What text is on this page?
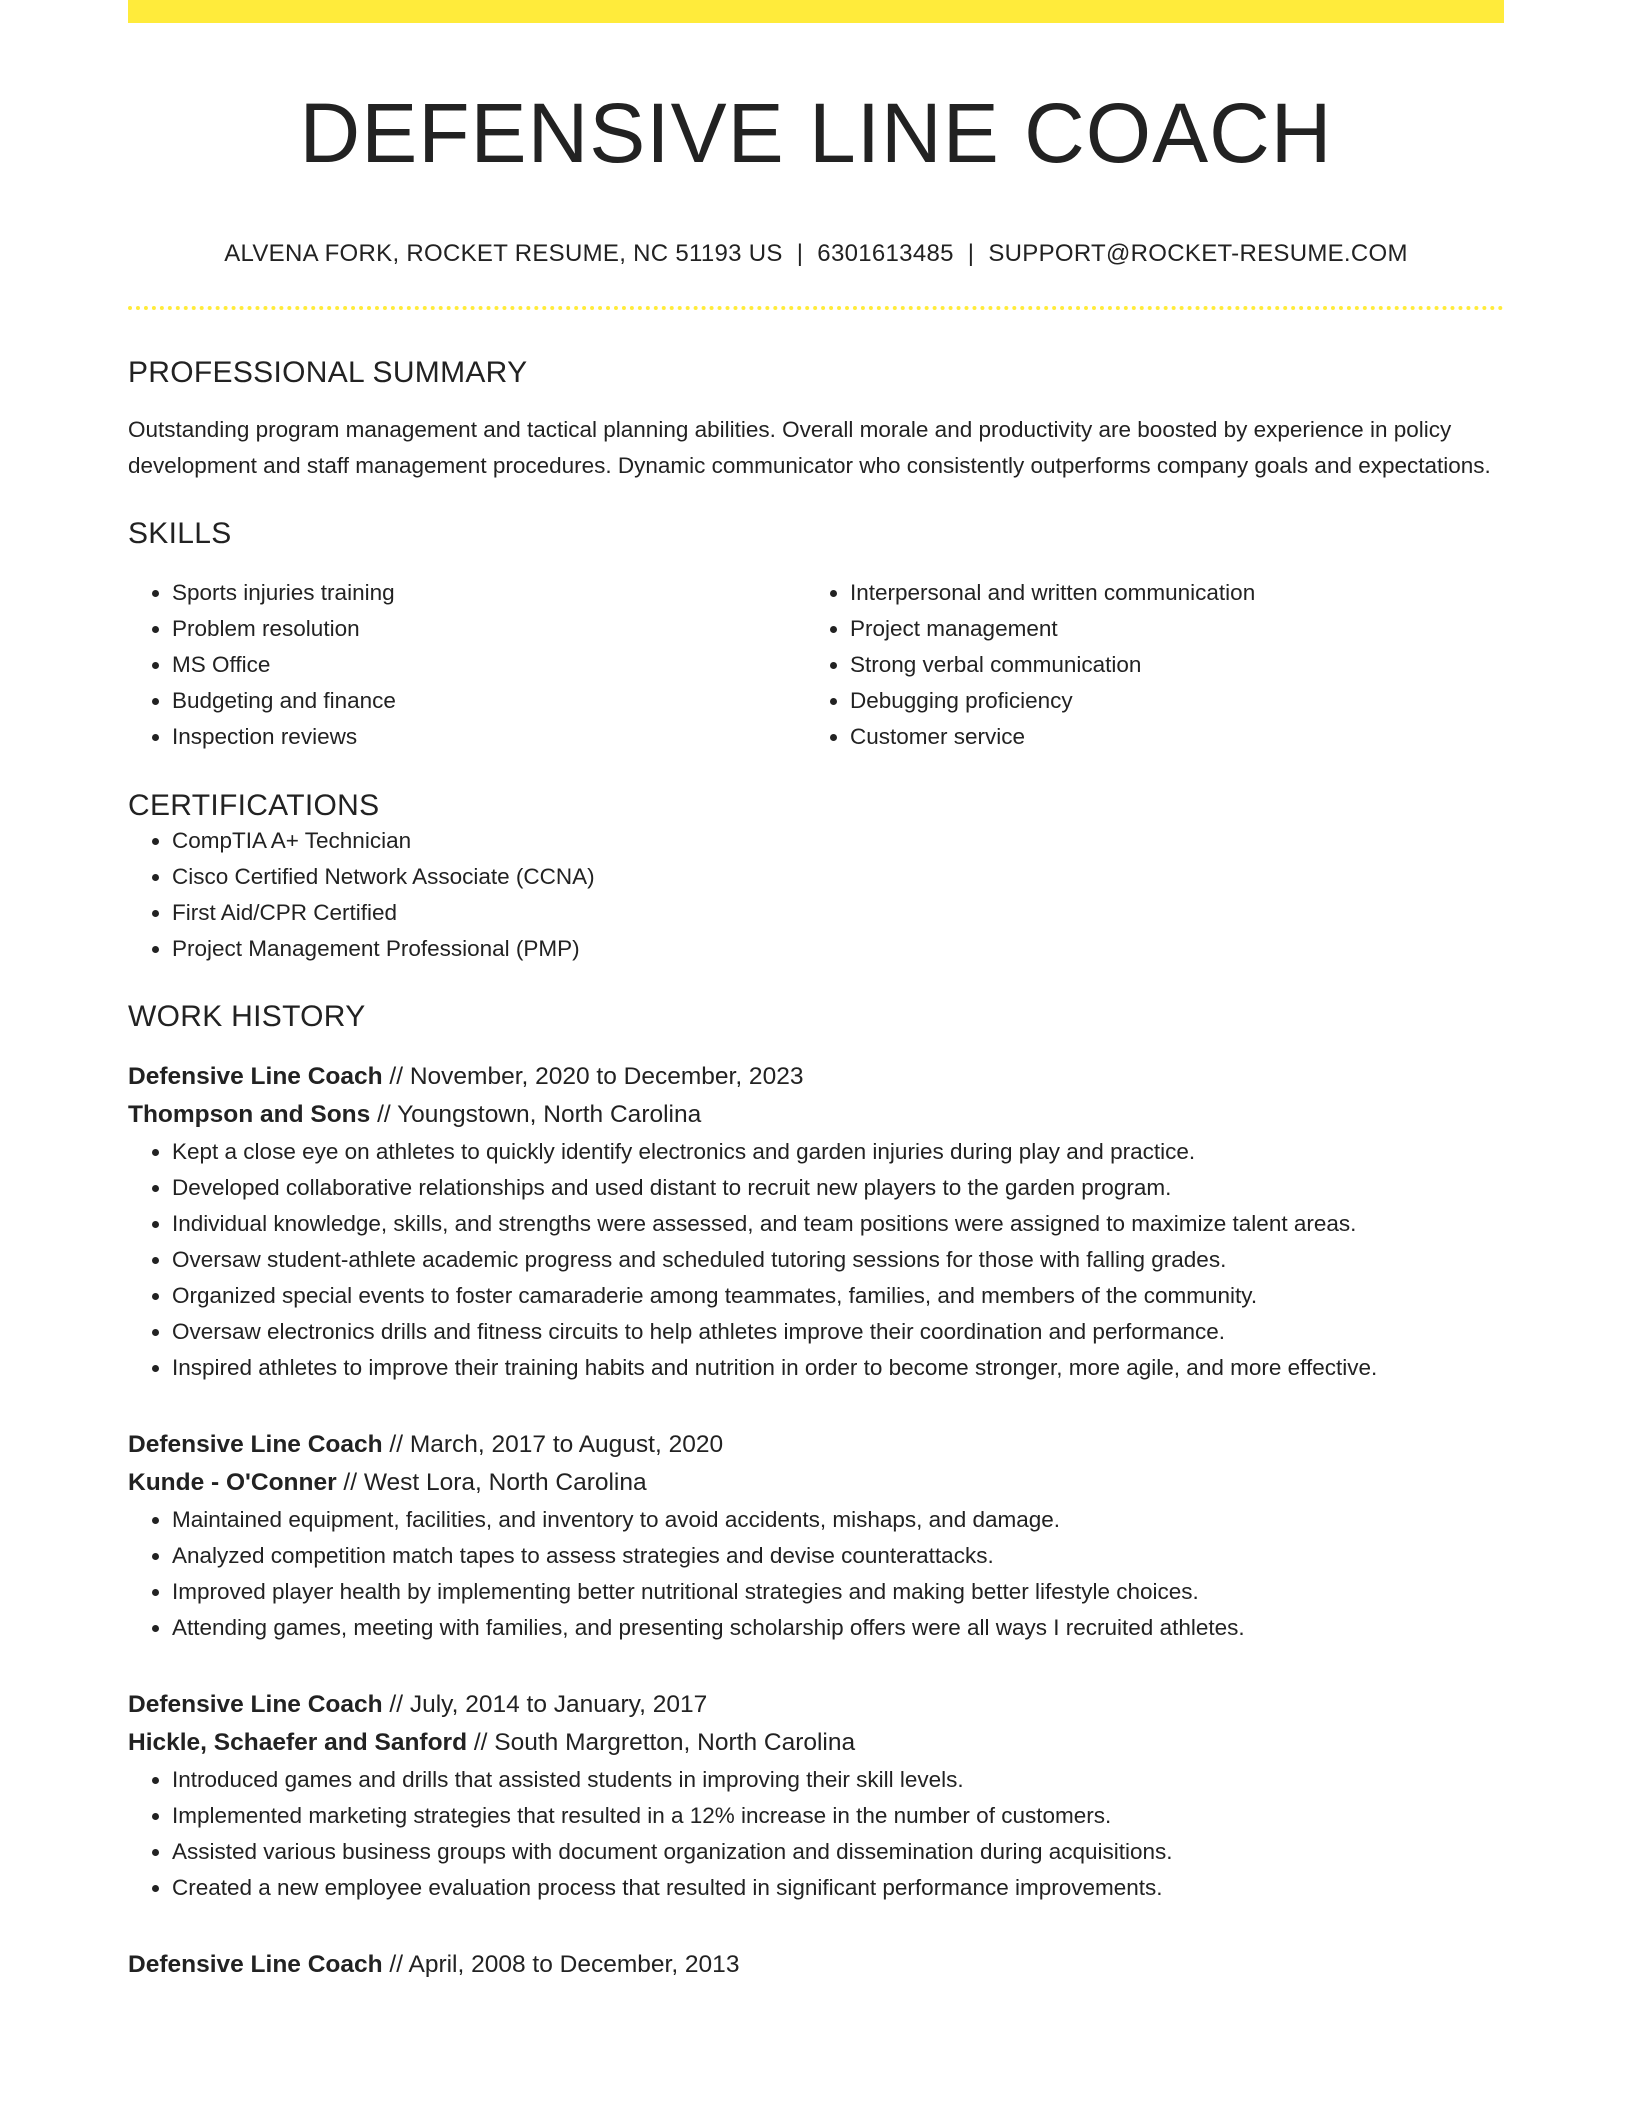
DEFENSIVE LINE COACH
ALVENA FORK, ROCKET RESUME, NC 51193 US | 6301613485 | SUPPORT@ROCKET-RESUME.COM
PROFESSIONAL SUMMARY
Outstanding program management and tactical planning abilities. Overall morale and productivity are boosted by experience in policy development and staff management procedures. Dynamic communicator who consistently outperforms company goals and expectations.
SKILLS
• Sports injuries training
• Problem resolution
• MS Office
• Budgeting and finance
• Inspection reviews
• Interpersonal and written communication
• Project management
• Strong verbal communication
• Debugging proficiency
• Customer service
CERTIFICATIONS
• CompTIA A+ Technician
• Cisco Certified Network Associate (CCNA)
• First Aid/CPR Certified
• Project Management Professional (PMP)
WORK HISTORY
Defensive Line Coach // November, 2020 to December, 2023
Thompson and Sons // Youngstown, North Carolina
• Kept a close eye on athletes to quickly identify electronics and garden injuries during play and practice.
• Developed collaborative relationships and used distant to recruit new players to the garden program.
• Individual knowledge, skills, and strengths were assessed, and team positions were assigned to maximize talent areas.
• Oversaw student-athlete academic progress and scheduled tutoring sessions for those with falling grades.
• Organized special events to foster camaraderie among teammates, families, and members of the community.
• Oversaw electronics drills and fitness circuits to help athletes improve their coordination and performance.
• Inspired athletes to improve their training habits and nutrition in order to become stronger, more agile, and more effective.
Defensive Line Coach // March, 2017 to August, 2020
Kunde - O'Conner // West Lora, North Carolina
• Maintained equipment, facilities, and inventory to avoid accidents, mishaps, and damage.
• Analyzed competition match tapes to assess strategies and devise counterattacks.
• Improved player health by implementing better nutritional strategies and making better lifestyle choices.
• Attending games, meeting with families, and presenting scholarship offers were all ways I recruited athletes.
Defensive Line Coach // July, 2014 to January, 2017
Hickle, Schaefer and Sanford // South Margretton, North Carolina
• Introduced games and drills that assisted students in improving their skill levels.
• Implemented marketing strategies that resulted in a 12% increase in the number of customers.
• Assisted various business groups with document organization and dissemination during acquisitions.
• Created a new employee evaluation process that resulted in significant performance improvements.
Defensive Line Coach // April, 2008 to December, 2013
